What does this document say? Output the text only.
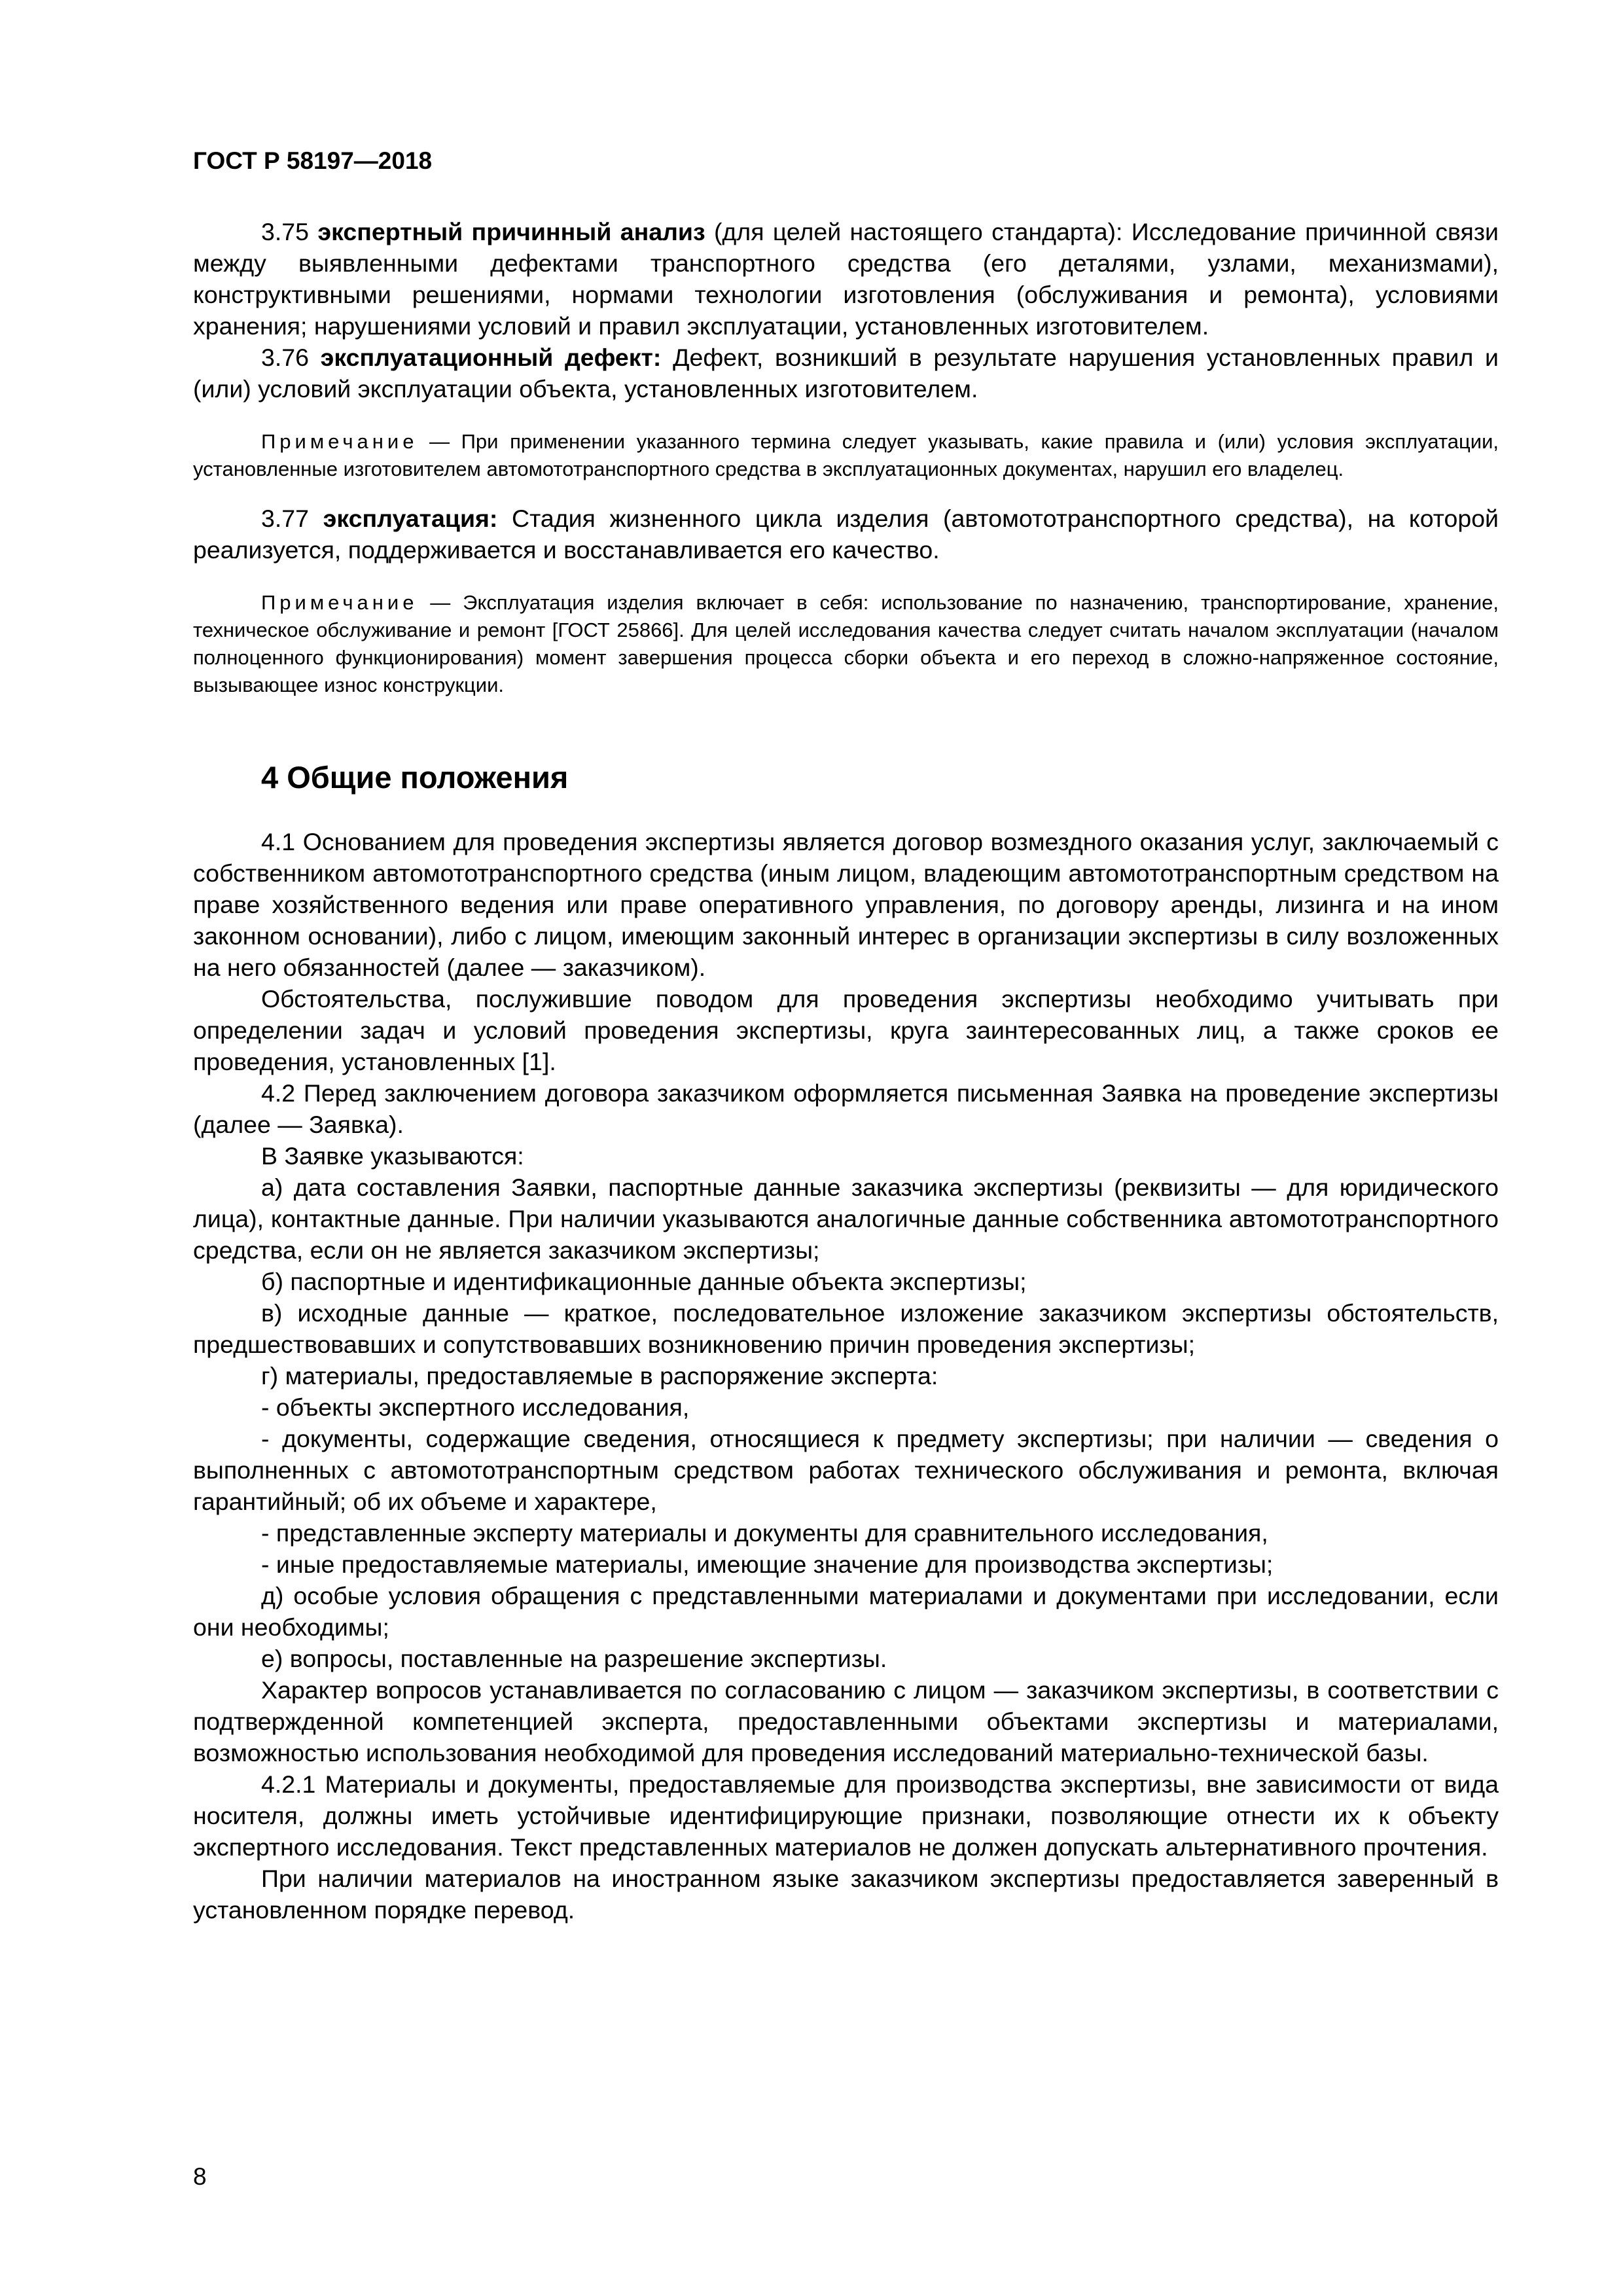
ГОСТ Р 58197—2018

3.75 экспертный причинный анализ (для целей настоящего стандарта): Исследование причинной связи между выявленными дефектами транспортного средства (его деталями, узлами, механизмами), конструктивными решениями, нормами технологии изготовления (обслуживания и ремонта), условиями хранения; нарушениями условий и правил эксплуатации, установленных изготовителем.

3.76 эксплуатационный дефект: Дефект, возникший в результате нарушения установленных правил и (или) условий эксплуатации объекта, установленных изготовителем.

Примечание — При применении указанного термина следует указывать, какие правила и (или) условия эксплуатации, установленные изготовителем автомототранспортного средства в эксплуатационных документах, нарушил его владелец.

3.77 эксплуатация: Стадия жизненного цикла изделия (автомототранспортного средства), на которой реализуется, поддерживается и восстанавливается его качество.

Примечание — Эксплуатация изделия включает в себя: использование по назначению, транспортирование, хранение, техническое обслуживание и ремонт [ГОСТ 25866]. Для целей исследования качества следует считать началом эксплуатации (началом полноценного функционирования) момент завершения процесса сборки объекта и его переход в сложно-напряженное состояние, вызывающее износ конструкции.
4 Общие положения

4.1 Основанием для проведения экспертизы является договор возмездного оказания услуг, заключаемый с собственником автомототранспортного средства (иным лицом, владеющим автомототранспортным средством на праве хозяйственного ведения или праве оперативного управления, по договору аренды, лизинга и на ином законном основании), либо с лицом, имеющим законный интерес в организации экспертизы в силу возложенных на него обязанностей (далее — заказчиком).

Обстоятельства, послужившие поводом для проведения экспертизы необходимо учитывать при определении задач и условий проведения экспертизы, круга заинтересованных лиц, а также сроков ее проведения, установленных [1].

4.2 Перед заключением договора заказчиком оформляется письменная Заявка на проведение экспертизы (далее — Заявка).

В Заявке указываются:

а) дата составления Заявки, паспортные данные заказчика экспертизы (реквизиты — для юридического лица), контактные данные. При наличии указываются аналогичные данные собственника автомототранспортного средства, если он не является заказчиком экспертизы;

б) паспортные и идентификационные данные объекта экспертизы;

в) исходные данные — краткое, последовательное изложение заказчиком экспертизы обстоятельств, предшествовавших и сопутствовавших возникновению причин проведения экспертизы;

г) материалы, предоставляемые в распоряжение эксперта:

- объекты экспертного исследования,

- документы, содержащие сведения, относящиеся к предмету экспертизы; при наличии — сведения о выполненных с автомототранспортным средством работах технического обслуживания и ремонта, включая гарантийный; об их объеме и характере,

- представленные эксперту материалы и документы для сравнительного исследования,

- иные предоставляемые материалы, имеющие значение для производства экспертизы;

д) особые условия обращения с представленными материалами и документами при исследовании, если они необходимы;

е) вопросы, поставленные на разрешение экспертизы.

Характер вопросов устанавливается по согласованию с лицом — заказчиком экспертизы, в соответствии с подтвержденной компетенцией эксперта, предоставленными объектами экспертизы и материалами, возможностью использования необходимой для проведения исследований материально-технической базы.

4.2.1 Материалы и документы, предоставляемые для производства экспертизы, вне зависимости от вида носителя, должны иметь устойчивые идентифицирующие признаки, позволяющие отнести их к объекту экспертного исследования. Текст представленных материалов не должен допускать альтернативного прочтения.

При наличии материалов на иностранном языке заказчиком экспертизы предоставляется заверенный в установленном порядке перевод.

8
